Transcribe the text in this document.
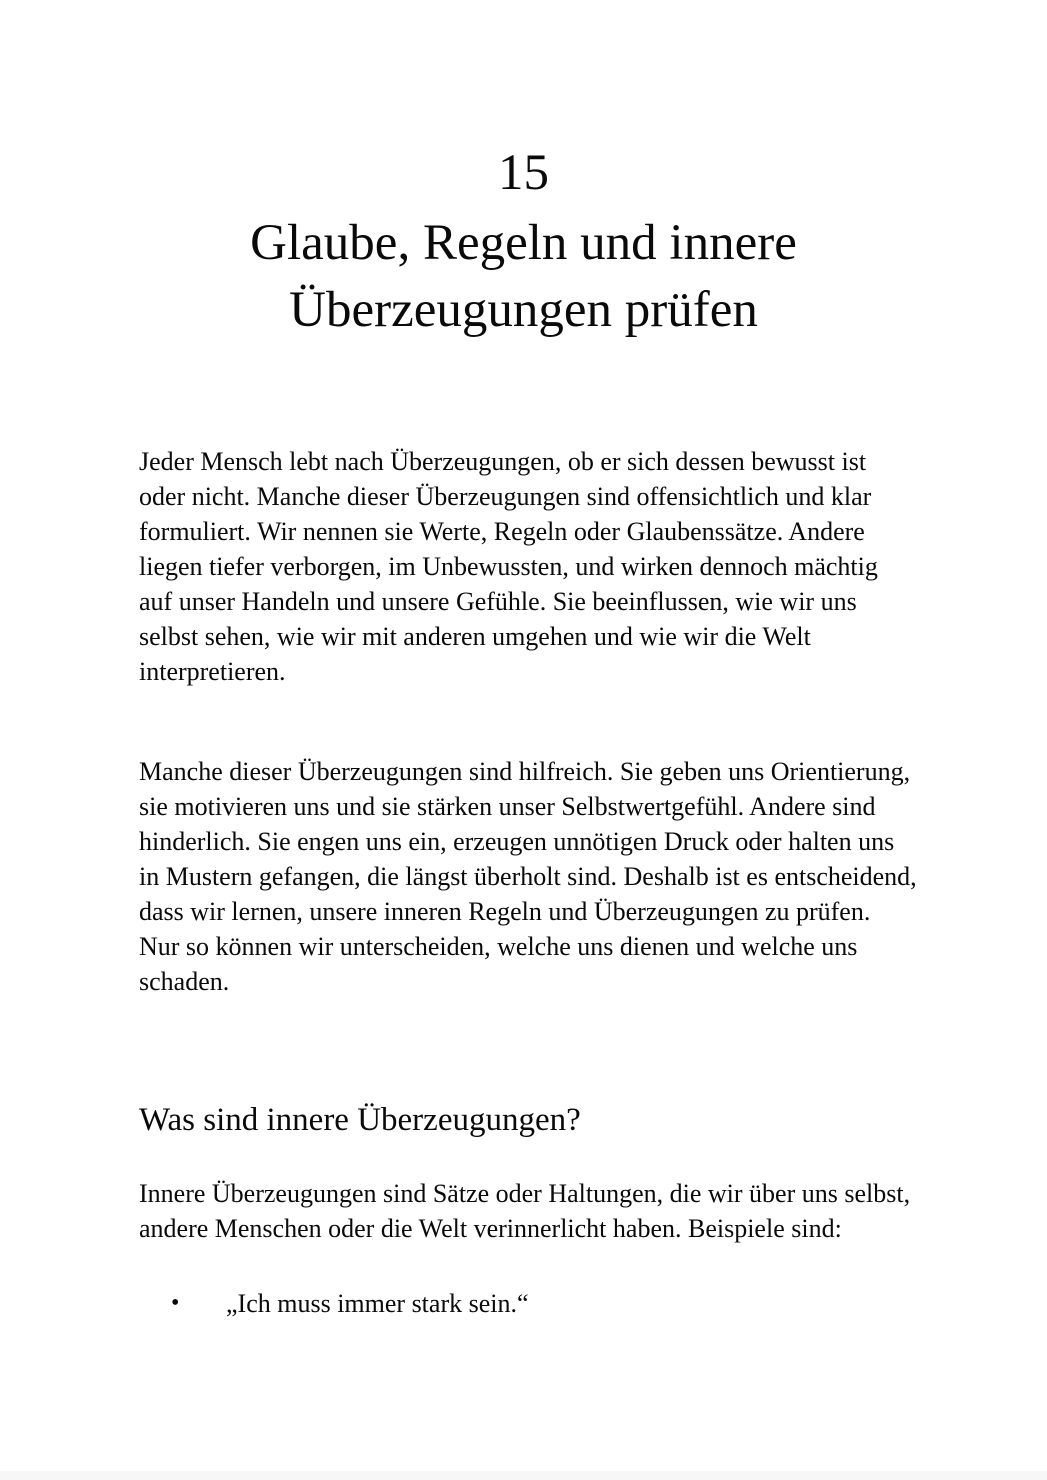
15
Glaube, Regeln und innere Überzeugungen prüfen

Jeder Mensch lebt nach Überzeugungen, ob er sich dessen bewusst ist oder nicht. Manche dieser Überzeugungen sind offensichtlich und klar formuliert. Wir nennen sie Werte, Regeln oder Glaubenssätze. Andere liegen tiefer verborgen, im Unbewussten, und wirken dennoch mächtig auf unser Handeln und unsere Gefühle. Sie beeinflussen, wie wir uns selbst sehen, wie wir mit anderen umgehen und wie wir die Welt interpretieren.

Manche dieser Überzeugungen sind hilfreich. Sie geben uns Orientierung, sie motivieren uns und sie stärken unser Selbstwertgefühl. Andere sind hinderlich. Sie engen uns ein, erzeugen unnötigen Druck oder halten uns in Mustern gefangen, die längst überholt sind. Deshalb ist es entscheidend, dass wir lernen, unsere inneren Regeln und Überzeugungen zu prüfen. Nur so können wir unterscheiden, welche uns dienen und welche uns schaden.

Was sind innere Überzeugungen?

Innere Überzeugungen sind Sätze oder Haltungen, die wir über uns selbst, andere Menschen oder die Welt verinnerlicht haben. Beispiele sind:

•	„Ich muss immer stark sein.“
